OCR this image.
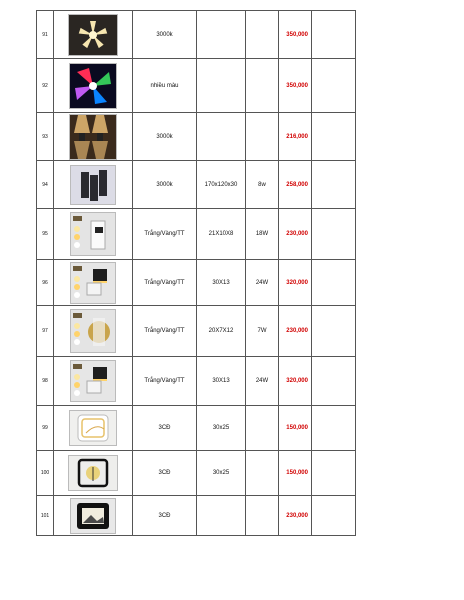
91		3000k			350,000	
92		nhiều màu			350,000	
93		3000k			216,000	
94		3000k	170x120x30	8w	258,000	
95		Trắng/Vàng/TT	21X10X8	18W	230,000	
96		Trắng/Vàng/TT	30X13	24W	320,000	
97		Trắng/Vàng/TT	20X7X12	7W	230,000	
98		Trắng/Vàng/TT	30X13	24W	320,000	
99		3CĐ	30x25		150,000	
100		3CĐ	30x25		150,000	
101		3CĐ			230,000	
